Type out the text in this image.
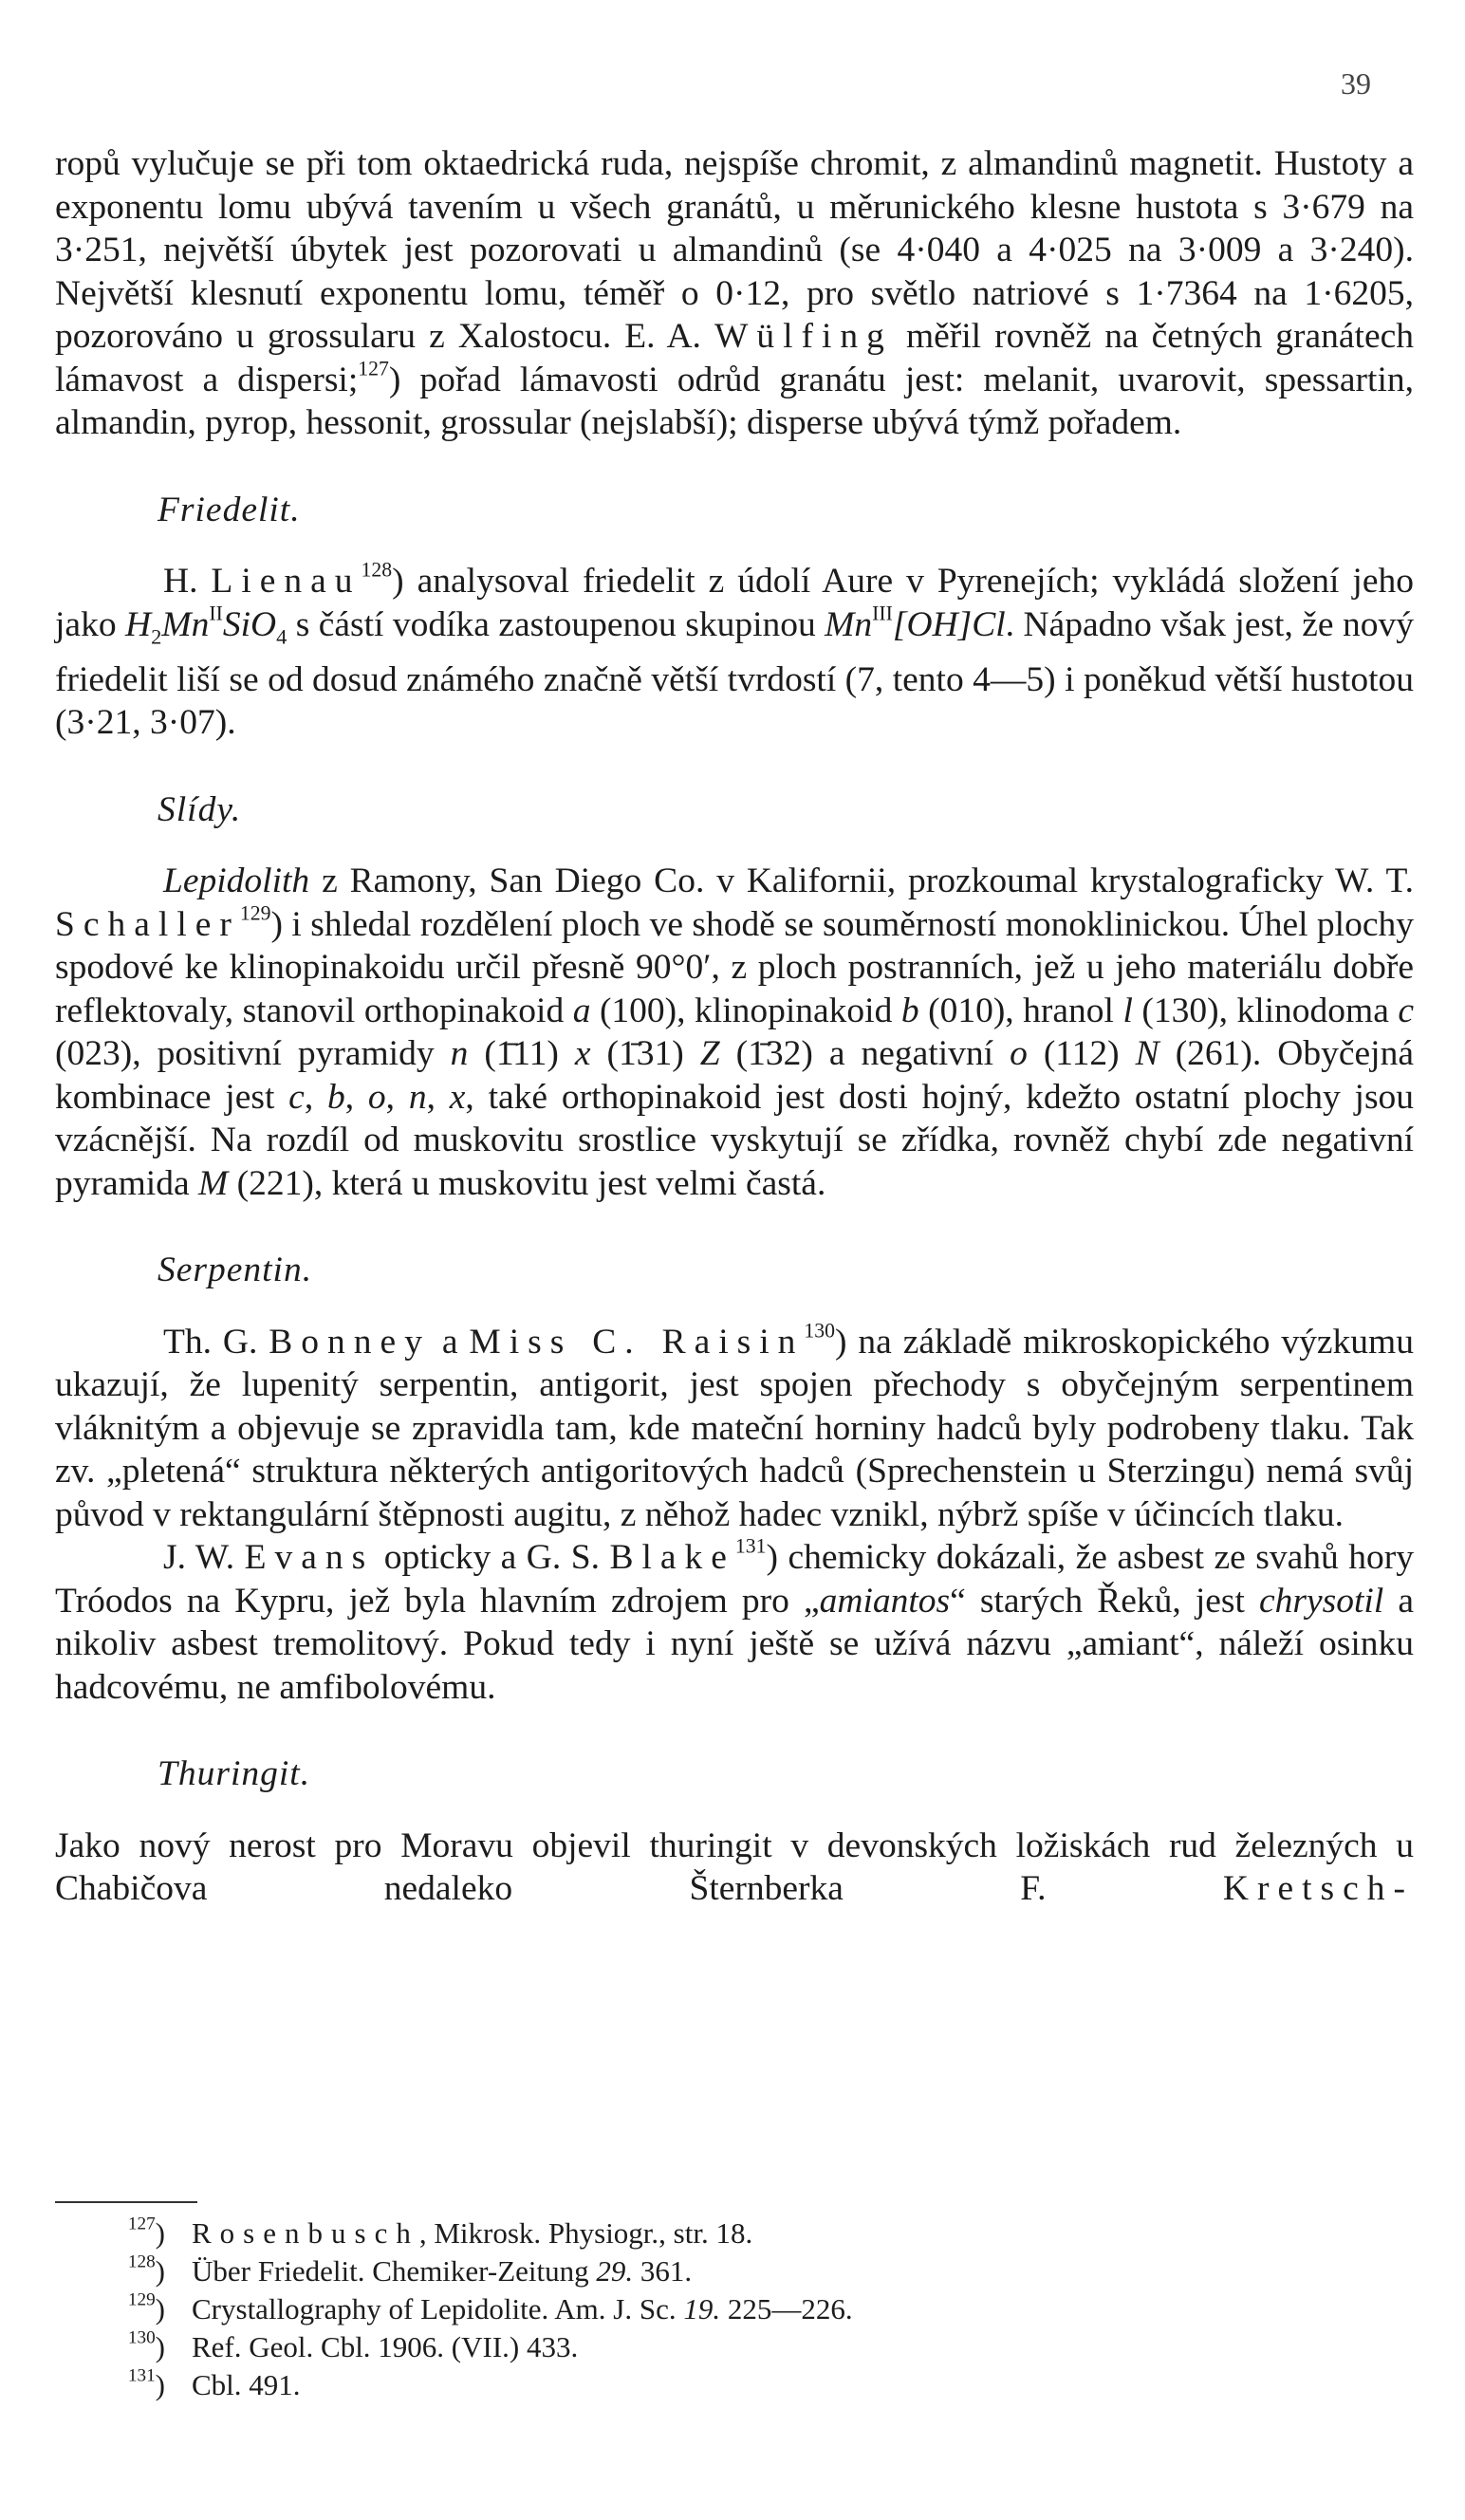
39

ropů vylučuje se při tom oktaedrická ruda, nejspíše chromit, z almandinů magnetit. Hustoty a exponentu lomu ubývá tavením u všech granátů, u měrunického klesne hustota s 3·679 na 3·251, největší úbytek jest pozorovati u almandinů (se 4·040 a 4·025 na 3·009 a 3·240). Největší klesnutí exponentu lomu, téměř o 0·12, pro světlo natriové s 1·7364 na 1·6205, pozorováno u grossularu z Xalostocu. E. A. Wülfing měřil rovněž na četných granátech lámavost a dispersi;$^{127}$) pořad lámavosti odrůd granátu jest: melanit, uvarovit, spessartin, almandin, pyrop, hessonit, grossular (nejslabší); disperse ubývá týmž pořadem.

Friedelit.

H. Lienau$^{128}$) analysoval friedelit z údolí Aure v Pyrenejích; vykládá složení jeho jako $H_2Mn^{II}SiO_4$ s částí vodíka zastoupenou skupinou $Mn^{III}[OH]Cl$. Nápadno však jest, že nový friedelit liší se od dosud známého značně větší tvrdostí (7, tento 4—5) i poněkud větší hustotou (3·21, 3·07).

Slídy.

Lepidolith z Ramony, San Diego Co. v Kalifornii, prozkoumal krystalograficky W. T. Schaller$^{129}$) i shledal rozdělení ploch ve shodě se souměrností monoklinickou. Úhel plochy spodové ke klinopinakoidu určil přesně 90°0′, z ploch postranních, jež u jeho materiálu dobře reflektovaly, stanovil orthopinakoid a (100), klinopinakoid b (010), hranol l (130), klinodoma c (023), positivní pyramidy n (1̄11) x (1̄31) Z (1̄32) a negativní o (112) N (261). Obyčejná kombinace jest c, b, o, n, x, také orthopinakoid jest dosti hojný, kdežto ostatní plochy jsou vzácnější. Na rozdíl od muskovitu srostlice vyskytují se zřídka, rovněž chybí zde negativní pyramida M (221), která u muskovitu jest velmi častá.

Serpentin.

Th. G. Bonney a Miss C. Raisin$^{130}$) na základě mikroskopického výzkumu ukazují, že lupenitý serpentin, antigorit, jest spojen přechody s obyčejným serpentinem vláknitým a objevuje se zpravidla tam, kde mateční horniny hadců byly podrobeny tlaku. Tak zv. „pletená“ struktura některých antigoritových hadců (Sprechenstein u Sterzingu) nemá svůj původ v rektangulární štěpnosti augitu, z něhož hadec vznikl, nýbrž spíše v účincích tlaku.

J. W. Evans opticky a G. S. Blake$^{131}$) chemicky dokázali, že asbest ze svahů hory Tróodos na Kypru, jež byla hlavním zdrojem pro „amiantos“ starých Řeků, jest chrysotil a nikoliv asbest tremolitový. Pokud tedy i nyní ještě se užívá názvu „amiant“, náleží osinku hadcovému, ne amfibolovému.

Thuringit.

Jako nový nerost pro Moravu objevil thuringit v devonských ložiskách rud železných u Chabičova nedaleko Šternberka F. Kretsch-

$^{127}$) Rosenbusch, Mikrosk. Physiogr., str. 18.

$^{128}$) Über Friedelit. Chemiker-Zeitung 29. 361.

$^{129}$) Crystallography of Lepidolite. Am. J. Sc. 19. 225—226.

$^{130}$) Ref. Geol. Cbl. 1906. (VII.) 433.

$^{131}$) Cbl. 491.
